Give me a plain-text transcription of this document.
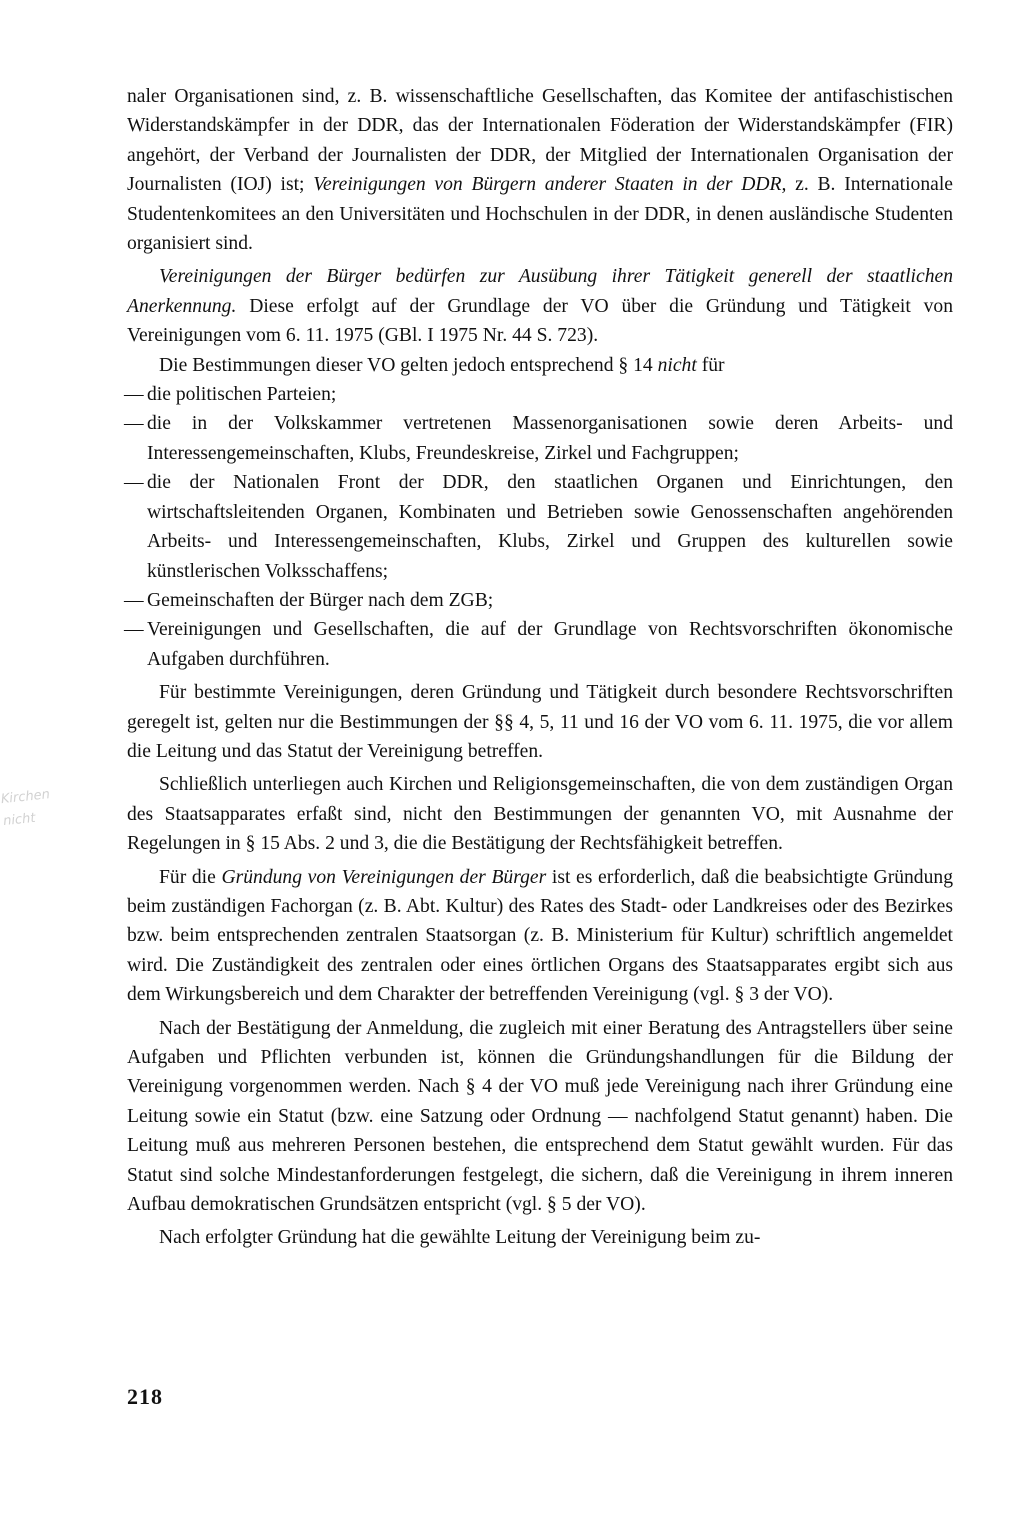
Kirchen
nicht

naler Organisationen sind, z. B. wissenschaftliche Gesellschaften, das Komitee der antifaschistischen Widerstandskämpfer in der DDR, das der Internationalen Föderation der Widerstandskämpfer (FIR) angehört, der Verband der Journalisten der DDR, der Mitglied der Internationalen Organisation der Journalisten (IOJ) ist; Vereinigungen von Bürgern anderer Staaten in der DDR, z. B. Internationale Studentenkomitees an den Universitäten und Hochschulen in der DDR, in denen ausländische Studenten organisiert sind.

Vereinigungen der Bürger bedürfen zur Ausübung ihrer Tätigkeit generell der staatlichen Anerkennung. Diese erfolgt auf der Grundlage der VO über die Gründung und Tätigkeit von Vereinigungen vom 6. 11. 1975 (GBl. I 1975 Nr. 44 S. 723).

Die Bestimmungen dieser VO gelten jedoch entsprechend § 14 nicht für

— die politischen Parteien;
— die in der Volkskammer vertretenen Massenorganisationen sowie deren Arbeits- und Interessengemeinschaften, Klubs, Freundeskreise, Zirkel und Fachgruppen;
— die der Nationalen Front der DDR, den staatlichen Organen und Einrichtungen, den wirtschaftsleitenden Organen, Kombinaten und Betrieben sowie Genossenschaften angehörenden Arbeits- und Interessengemeinschaften, Klubs, Zirkel und Gruppen des kulturellen sowie künstlerischen Volksschaffens;
— Gemeinschaften der Bürger nach dem ZGB;
— Vereinigungen und Gesellschaften, die auf der Grundlage von Rechtsvorschriften ökonomische Aufgaben durchführen.

Für bestimmte Vereinigungen, deren Gründung und Tätigkeit durch besondere Rechtsvorschriften geregelt ist, gelten nur die Bestimmungen der §§ 4, 5, 11 und 16 der VO vom 6. 11. 1975, die vor allem die Leitung und das Statut der Vereinigung betreffen.

Schließlich unterliegen auch Kirchen und Religionsgemeinschaften, die von dem zuständigen Organ des Staatsapparates erfaßt sind, nicht den Bestimmungen der genannten VO, mit Ausnahme der Regelungen in § 15 Abs. 2 und 3, die die Bestätigung der Rechtsfähigkeit betreffen.

Für die Gründung von Vereinigungen der Bürger ist es erforderlich, daß die beabsichtigte Gründung beim zuständigen Fachorgan (z. B. Abt. Kultur) des Rates des Stadt- oder Landkreises oder des Bezirkes bzw. beim entsprechenden zentralen Staatsorgan (z. B. Ministerium für Kultur) schriftlich angemeldet wird. Die Zuständigkeit des zentralen oder eines örtlichen Organs des Staatsapparates ergibt sich aus dem Wirkungsbereich und dem Charakter der betreffenden Vereinigung (vgl. § 3 der VO).

Nach der Bestätigung der Anmeldung, die zugleich mit einer Beratung des Antragstellers über seine Aufgaben und Pflichten verbunden ist, können die Gründungshandlungen für die Bildung der Vereinigung vorgenommen werden. Nach § 4 der VO muß jede Vereinigung nach ihrer Gründung eine Leitung sowie ein Statut (bzw. eine Satzung oder Ordnung — nachfolgend Statut genannt) haben. Die Leitung muß aus mehreren Personen bestehen, die entsprechend dem Statut gewählt wurden. Für das Statut sind solche Mindestanforderungen festgelegt, die sichern, daß die Vereinigung in ihrem inneren Aufbau demokratischen Grundsätzen entspricht (vgl. § 5 der VO).

Nach erfolgter Gründung hat die gewählte Leitung der Vereinigung beim zu-

218
